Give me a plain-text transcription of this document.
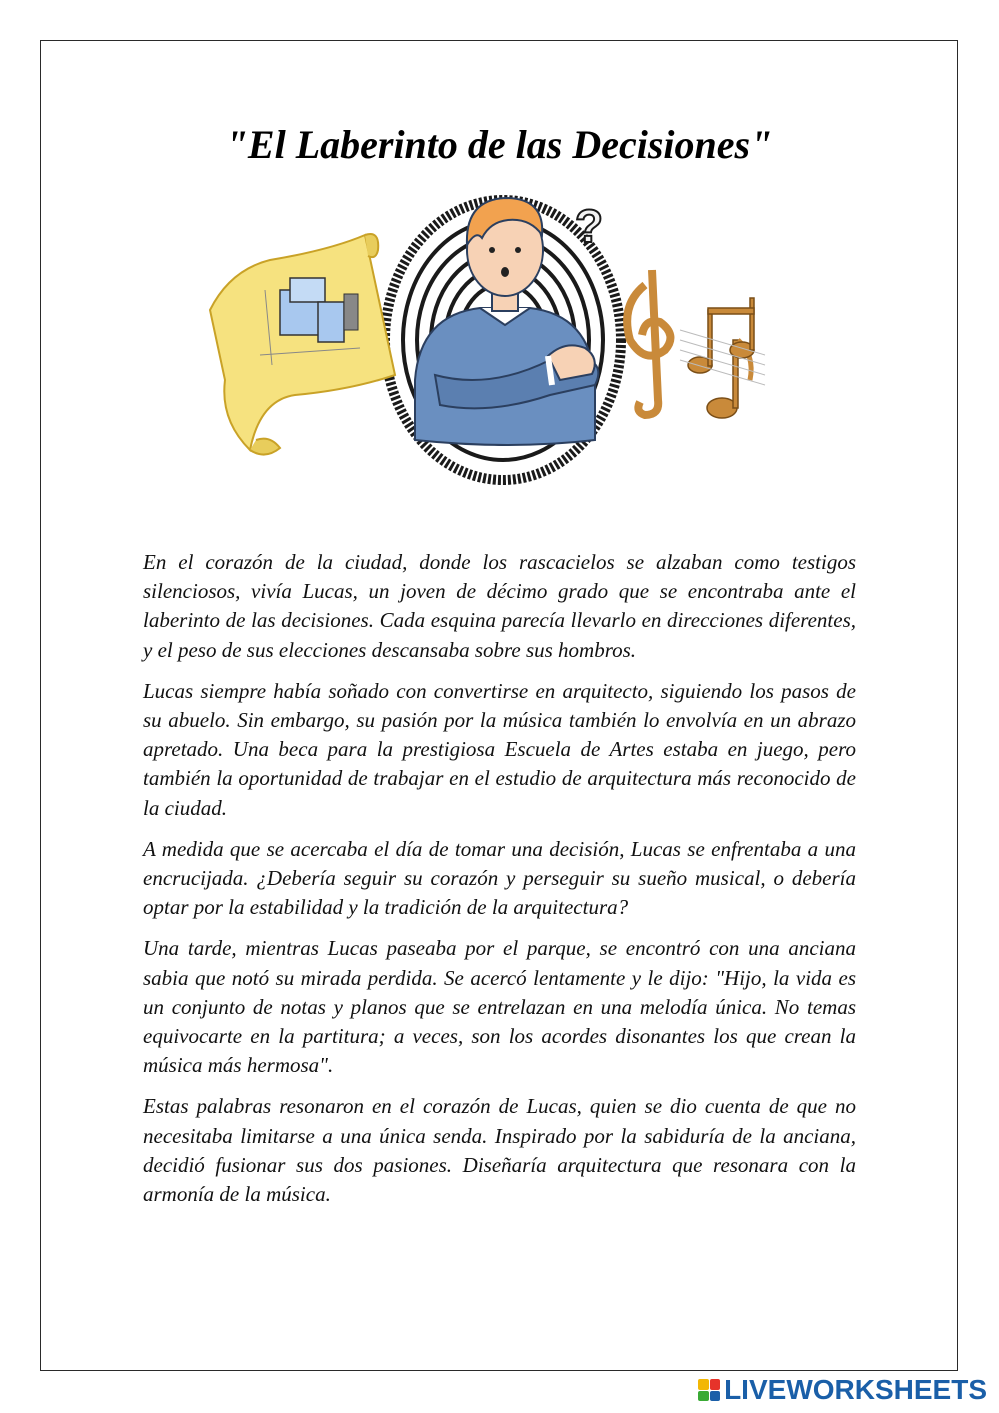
"El Laberinto de las Decisiones"
?

En el corazón de la ciudad, donde los rascacielos se alzaban como testigos silenciosos, vivía Lucas, un joven de décimo grado que se encontraba ante el laberinto de las decisiones. Cada esquina parecía llevarlo en direcciones diferentes, y el peso de sus elecciones descansaba sobre sus hombros.

Lucas siempre había soñado con convertirse en arquitecto, siguiendo los pasos de su abuelo. Sin embargo, su pasión por la música también lo envolvía en un abrazo apretado. Una beca para la prestigiosa Escuela de Artes estaba en juego, pero también la oportunidad de trabajar en el estudio de arquitectura más reconocido de la ciudad.

A medida que se acercaba el día de tomar una decisión, Lucas se enfrentaba a una encrucijada. ¿Debería seguir su corazón y perseguir su sueño musical, o debería optar por la estabilidad y la tradición de la arquitectura?

Una tarde, mientras Lucas paseaba por el parque, se encontró con una anciana sabia que notó su mirada perdida. Se acercó lentamente y le dijo: "Hijo, la vida es un conjunto de notas y planos que se entrelazan en una melodía única. No temas equivocarte en la partitura; a veces, son los acordes disonantes los que crean la música más hermosa".

Estas palabras resonaron en el corazón de Lucas, quien se dio cuenta de que no necesitaba limitarse a una única senda. Inspirado por la sabiduría de la anciana, decidió fusionar sus dos pasiones. Diseñaría arquitectura que resonara con la armonía de la música.

LIVEWORKSHEETS
